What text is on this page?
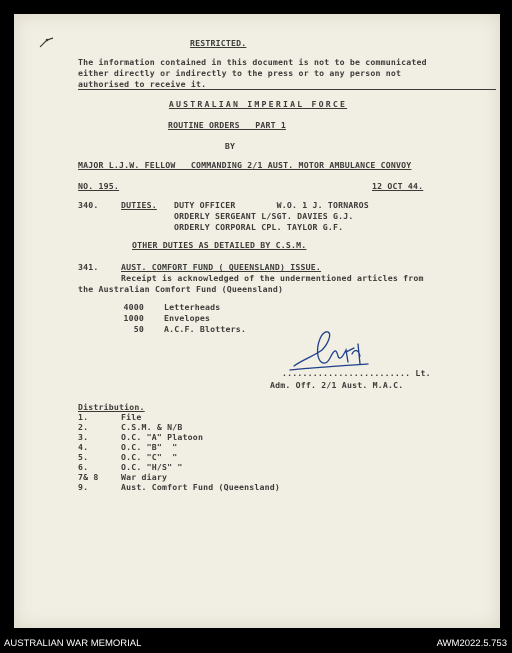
RESTRICTED.
The information contained in this document is not to be communicated
either directly or indirectly to the press or to any person not
authorised to receive it.
AUSTRALIAN IMPERIAL FORCE
ROUTINE ORDERS   PART 1
BY
MAJOR L.J.W. FELLOW   COMMANDING 2/1 AUST. MOTOR AMBULANCE CONVOY
NO. 195.	12 OCT 44.
340.	DUTIES. DUTY OFFICER        W.O. 1 J. TORNAROS
ORDERLY SERGEANT L/SGT. DAVIES G.J.
ORDERLY CORPORAL CPL. TAYLOR G.F.
OTHER DUTIES AS DETAILED BY C.S.M.
341.	AUST. COMFORT FUND ( QUEENSLAND) ISSUE.
Receipt is acknowledged of the undermentioned articles from
the Australian Comfort Fund (Queensland)
4000 Letterheads
1000 Envelopes
50 A.C.F. Blotters.
......................... Lt.
Adm. Off. 2/1 Aust. M.A.C.
Distribution.
1.	File
2.	C.S.M. & N/B
3.	O.C. "A" Platoon
4.	O.C. "B"  "
5.	O.C. "C"  "
6.	O.C. "H/S" "
7& 8	War diary
9.	Aust. Comfort Fund (Queensland)
AUSTRALIAN WAR MEMORIAL	AWM2022.5.753
